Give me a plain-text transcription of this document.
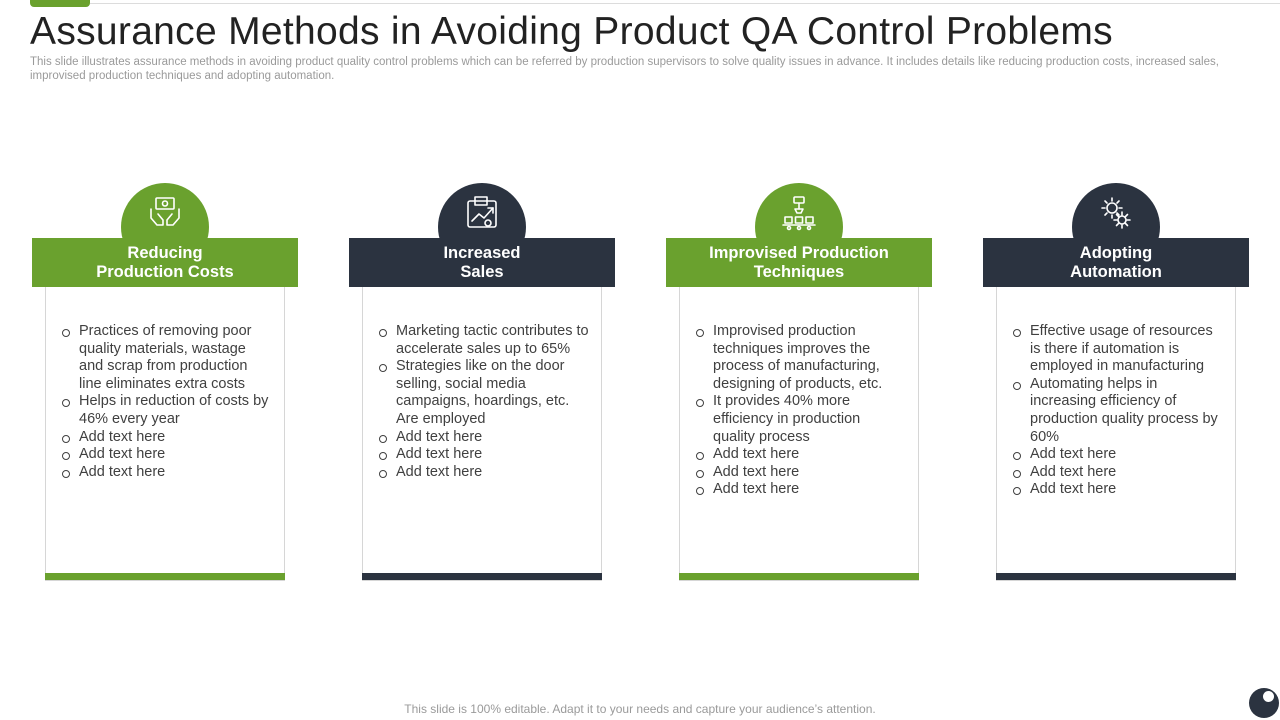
Assurance Methods in Avoiding Product QA Control Problems

This slide illustrates assurance methods in avoiding product quality control problems which can be referred by production supervisors to solve quality issues in advance. It includes details like reducing production costs, increased sales, improvised production techniques and adopting automation.

Reducing
Production Costs
Practices of removing poor quality materials, wastage and scrap from production line eliminates extra costs
Helps in reduction of costs by 46% every year
Add text here
Add text here
Add text here
Increased
Sales
Marketing tactic contributes to accelerate sales up to 65%
Strategies like on the door selling, social media campaigns, hoardings, etc. Are employed
Add text here
Add text here
Add text here
Improvised Production
Techniques
Improvised production techniques improves the process of manufacturing, designing of products, etc.
It provides 40% more efficiency in production quality process
Add text here
Add text here
Add text here
Adopting
Automation
Effective usage of resources is there if automation is employed in manufacturing
Automating helps in increasing efficiency of production quality process by 60%
Add text here
Add text here
Add text here

This slide is 100% editable. Adapt it to your needs and capture your audience’s attention.
